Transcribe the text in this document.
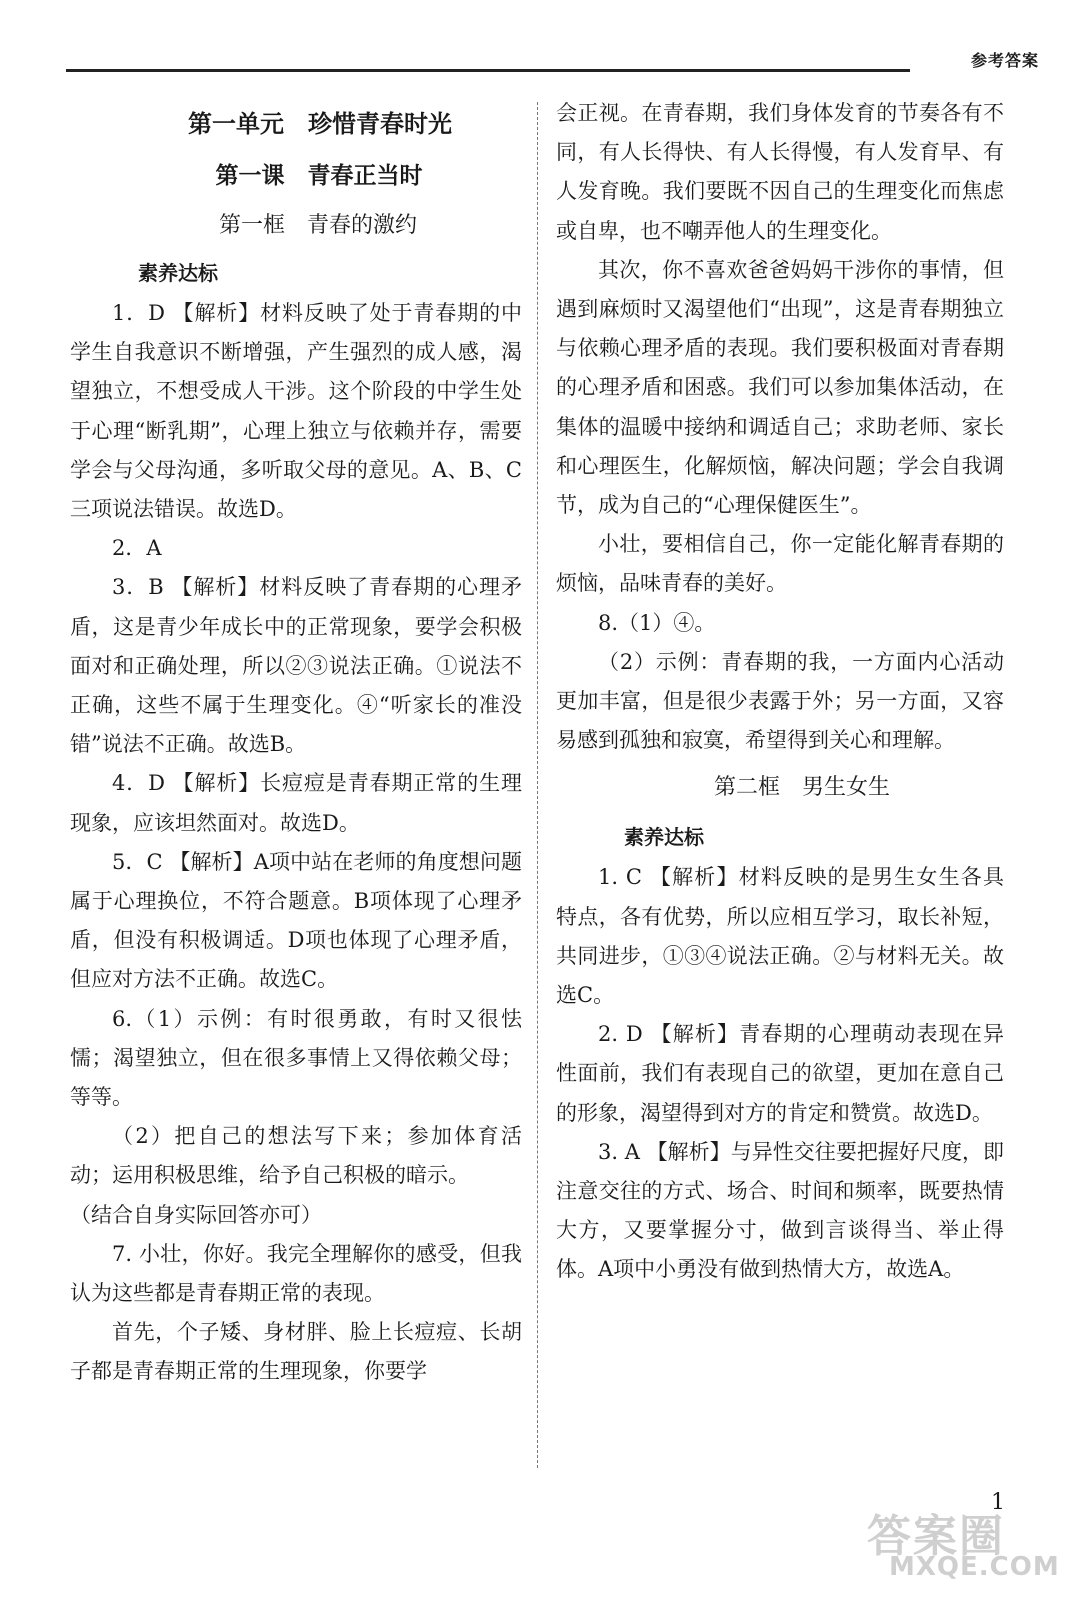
参考答案

第一单元　珍惜青春时光

第一课　青春正当时

第一框　青春的激约

素养达标

1．D 【解析】材料反映了处于青春期的中学生自我意识不断增强，产生强烈的成人感，渴望独立，不想受成人干涉。这个阶段的中学生处于心理“断乳期”，心理上独立与依赖并存，需要学会与父母沟通，多听取父母的意见。A、B、C三项说法错误。故选D。

2．A

3．B 【解析】材料反映了青春期的心理矛盾，这是青少年成长中的正常现象，要学会积极面对和正确处理，所以②③说法正确。①说法不正确，这些不属于生理变化。④“听家长的准没错”说法不正确。故选B。

4．D 【解析】长痘痘是青春期正常的生理现象，应该坦然面对。故选D。

5．C 【解析】A项中站在老师的角度想问题属于心理换位，不符合题意。B项体现了心理矛盾，但没有积极调适。D项也体现了心理矛盾，但应对方法不正确。故选C。

6.（1）示例：有时很勇敢，有时又很怯懦；渴望独立，但在很多事情上又得依赖父母；等等。

（2）把自己的想法写下来；参加体育活动；运用积极思维，给予自己积极的暗示。

（结合自身实际回答亦可）

7. 小壮，你好。我完全理解你的感受，但我认为这些都是青春期正常的表现。

首先，个子矮、身材胖、脸上长痘痘、长胡子都是青春期正常的生理现象，你要学

会正视。在青春期，我们身体发育的节奏各有不同，有人长得快、有人长得慢，有人发育早、有人发育晚。我们要既不因自己的生理变化而焦虑或自卑，也不嘲弄他人的生理变化。

其次，你不喜欢爸爸妈妈干涉你的事情，但遇到麻烦时又渴望他们“出现”，这是青春期独立与依赖心理矛盾的表现。我们要积极面对青春期的心理矛盾和困惑。我们可以参加集体活动，在集体的温暖中接纳和调适自己；求助老师、家长和心理医生，化解烦恼，解决问题；学会自我调节，成为自己的“心理保健医生”。

小壮，要相信自己，你一定能化解青春期的烦恼，品味青春的美好。

8.（1）④。

（2）示例：青春期的我，一方面内心活动更加丰富，但是很少表露于外；另一方面，又容易感到孤独和寂寞，希望得到关心和理解。

第二框　男生女生

素养达标

1. C 【解析】材料反映的是男生女生各具特点，各有优势，所以应相互学习，取长补短，共同进步，①③④说法正确。②与材料无关。故选C。

2. D 【解析】青春期的心理萌动表现在异性面前，我们有表现自己的欲望，更加在意自己的形象，渴望得到对方的肯定和赞赏。故选D。

3. A 【解析】与异性交往要把握好尺度，即注意交往的方式、场合、时间和频率，既要热情大方，又要掌握分寸，做到言谈得当、举止得体。A项中小勇没有做到热情大方，故选A。

1
答案圈
MXQE.COM
